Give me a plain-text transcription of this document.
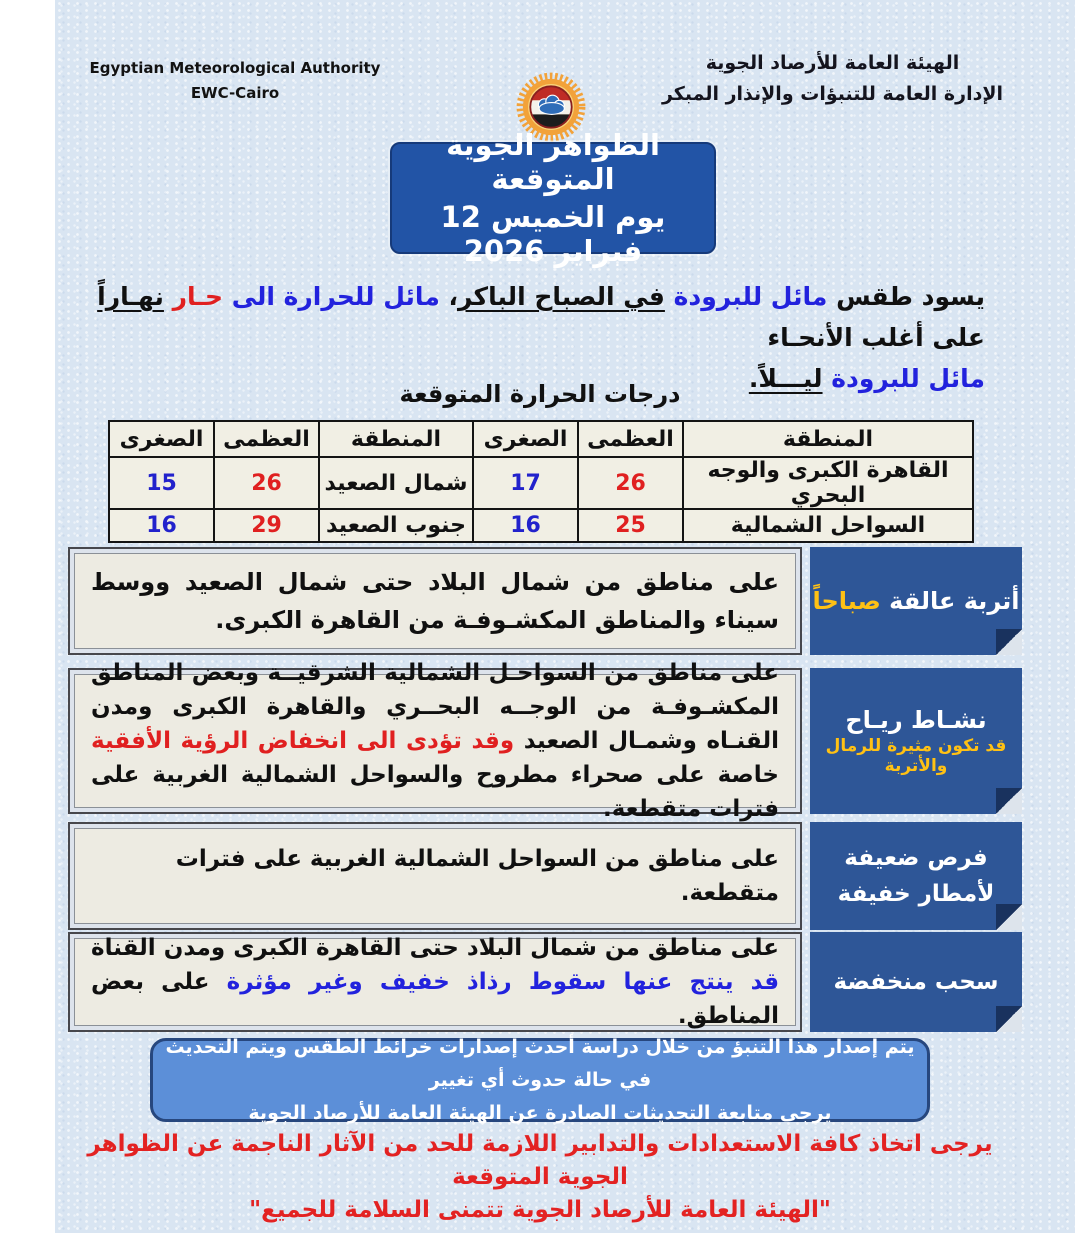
Egyptian Meteorological Authority
EWC-Cairo
الهيئة العامة للأرصاد الجوية
الإدارة العامة للتنبؤات والإنذار المبكر
الظواهر الجوية المتوقعة
يوم الخميس 12 فبراير 2026
يسود طقس مائل للبرودة في الصباح الباكر، مائل للحرارة الى حـار نهـاراً على أغلب الأنحـاء
مائل للبرودة ليـــلاً.
درجات الحرارة المتوقعة
المنطقة	العظمى	الصغرى	المنطقة	العظمى	الصغرى
القاهرة الكبرى والوجه البحري	26	17	شمال الصعيد	26	15
السواحل الشمالية	25	16	جنوب الصعيد	29	16
على مناطق من شمال البلاد حتى شمال الصعيد ووسط سيناء والمناطق المكشـوفـة من القاهرة الكبرى.
أتربة عالقة صباحاً
على مناطق من السواحـل الشمالية الشرقيــة وبعض المناطق المكشـوفـة من الوجــه البحــري والقاهرة الكبرى ومدن القنـاه وشمـال الصعيد وقد تؤدى الى انخفاض الرؤية الأفقية خاصة على صحراء مطروح والسواحل الشمالية الغربية على فترات متقطعة.
نشـاط ريـاح
قد تكون مثيرة للرمال والأتربة
على مناطق من السواحل الشمالية الغربية على فترات متقطعة.
فرص ضعيفة
لأمطار خفيفة
على مناطق من شمال البلاد حتى القاهرة الكبرى ومدن القناة
قد ينتج عنها سقوط رذاذ خفيف وغير مؤثرة على بعض المناطق.
سحب منخفضة
يتم إصدار هذا التنبؤ من خلال دراسة أحدث إصدارات خرائط الطقس ويتم التحديث في حالة حدوث أي تغيير
يرجى متابعة التحديثات الصادرة عن الهيئة العامة للأرصاد الجوية
يرجى اتخاذ كافة الاستعدادات والتدابير اللازمة للحد من الآثار الناجمة عن الظواهر الجوية المتوقعة
"الهيئة العامة للأرصاد الجوية تتمنى السلامة للجميع"
